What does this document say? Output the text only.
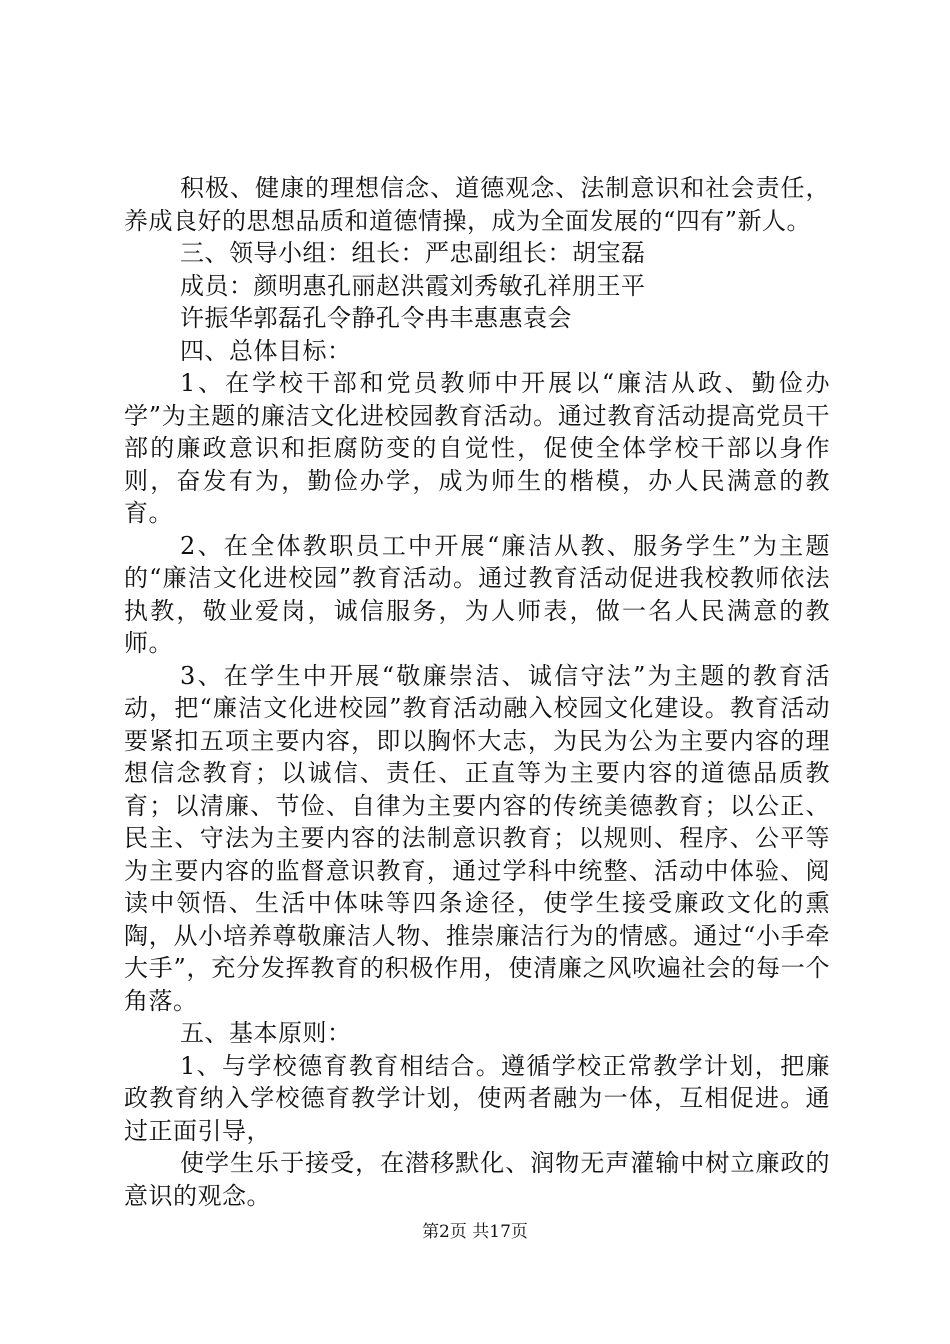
积极、健康的理想信念、道德观念、法制意识和社会责任，养成良好的思想品质和道德情操，成为全面发展的“四有”新人。

三、领导小组：组长：严忠副组长：胡宝磊

成员：颜明惠孔丽赵洪霞刘秀敏孔祥朋王平

许振华郭磊孔令静孔令冉丰惠惠袁会

四、总体目标：

1、在学校干部和党员教师中开展以“廉洁从政、勤俭办学”为主题的廉洁文化进校园教育活动。通过教育活动提高党员干部的廉政意识和拒腐防变的自觉性，促使全体学校干部以身作则，奋发有为，勤俭办学，成为师生的楷模，办人民满意的教育。

2、在全体教职员工中开展“廉洁从教、服务学生”为主题的“廉洁文化进校园”教育活动。通过教育活动促进我校教师依法执教，敬业爱岗，诚信服务，为人师表，做一名人民满意的教师。

3、在学生中开展“敬廉崇洁、诚信守法”为主题的教育活动，把“廉洁文化进校园”教育活动融入校园文化建设。教育活动要紧扣五项主要内容，即以胸怀大志，为民为公为主要内容的理想信念教育；以诚信、责任、正直等为主要内容的道德品质教育；以清廉、节俭、自律为主要内容的传统美德教育；以公正、民主、守法为主要内容的法制意识教育；以规则、程序、公平等为主要内容的监督意识教育，通过学科中统整、活动中体验、阅读中领悟、生活中体味等四条途径，使学生接受廉政文化的熏陶，从小培养尊敬廉洁人物、推崇廉洁行为的情感。通过“小手牵大手”，充分发挥教育的积极作用，使清廉之风吹遍社会的每一个角落。

五、基本原则：

1、与学校德育教育相结合。遵循学校正常教学计划，把廉政教育纳入学校德育教学计划，使两者融为一体，互相促进。通过正面引导，

使学生乐于接受，在潜移默化、润物无声灌输中树立廉政的意识的观念。

第2页 共17页
